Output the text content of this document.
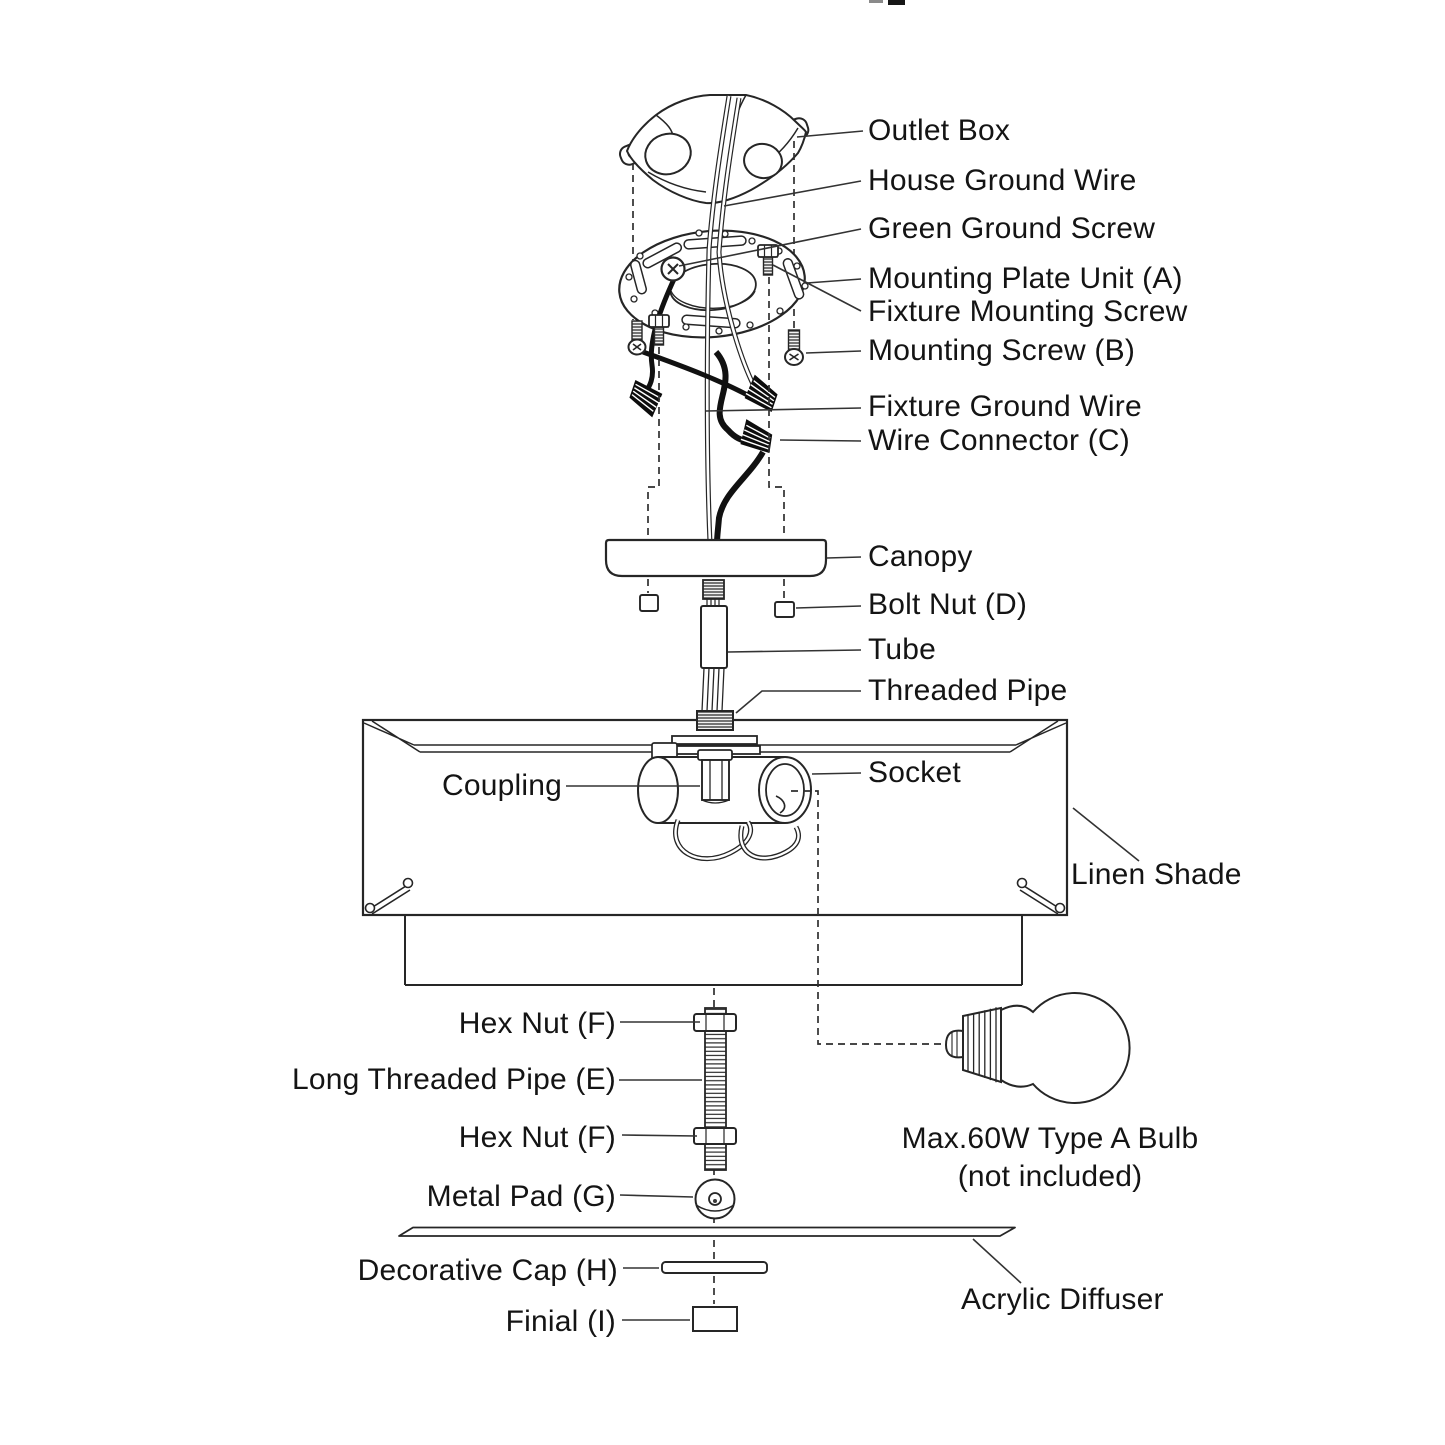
Outlet Box
House Ground Wire
Green Ground Screw
Mounting Plate Unit (A)
Fixture Mounting Screw
Mounting Screw (B)
Fixture Ground Wire
Wire Connector (C)
Canopy
Bolt Nut (D)
Tube
Threaded Pipe
Socket
Coupling
Linen Shade
Hex Nut (F)
Long Threaded Pipe (E)
Hex Nut (F)
Metal Pad (G)
Decorative Cap (H)
Finial (I)
Max.60W Type A Bulb
(not included)
Acrylic Diffuser
